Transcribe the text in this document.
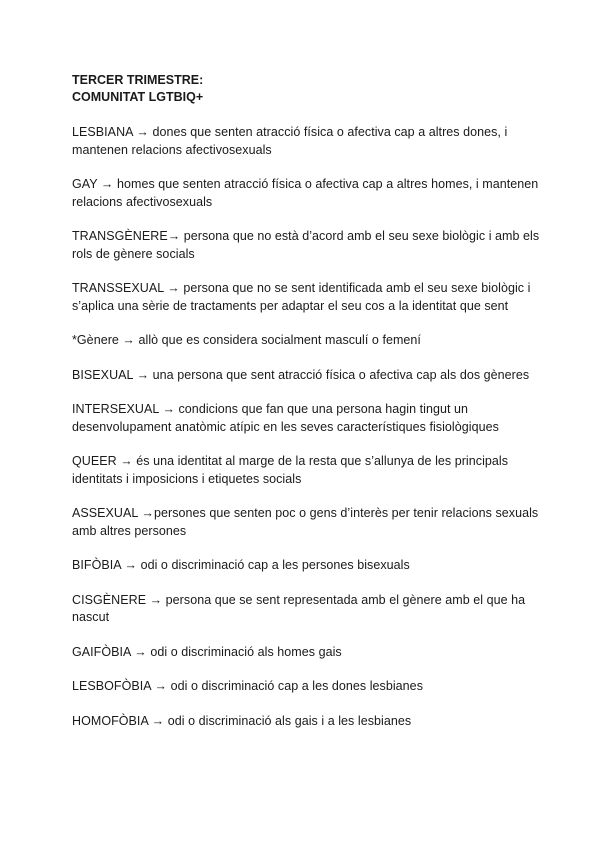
TERCER TRIMESTRE:
COMUNITAT LGTBIQ+

LESBIANA → dones que senten atracció física o afectiva cap a altres dones, i mantenen relacions afectivosexuals

GAY → homes que senten atracció física o afectiva cap a altres homes, i mantenen relacions afectivosexuals

TRANSGÈNERE→ persona que no està d’acord amb el seu sexe biològic i amb els rols de gènere socials

TRANSSEXUAL → persona que no se sent identificada amb el seu sexe biològic i s’aplica una sèrie de tractaments per adaptar el seu cos a la identitat que sent

*Gènere → allò que es considera socialment masculí o femení

BISEXUAL → una persona que sent atracció física o afectiva cap als dos gèneres

INTERSEXUAL → condicions que fan que una persona hagin tingut un desenvolupament anatòmic atípic en les seves característiques fisiològiques

QUEER → és una identitat al marge de la resta que s’allunya de les principals identitats i imposicions i etiquetes socials

ASSEXUAL →persones que senten poc o gens d’interès per tenir relacions sexuals amb altres persones

BIFÒBIA → odi o discriminació cap a les persones bisexuals

CISGÈNERE → persona que se sent representada amb el gènere amb el que ha nascut

GAIFÒBIA → odi o discriminació als homes gais

LESBOFÒBIA → odi o discriminació cap a les dones lesbianes

HOMOFÒBIA → odi o discriminació als gais i a les lesbianes
